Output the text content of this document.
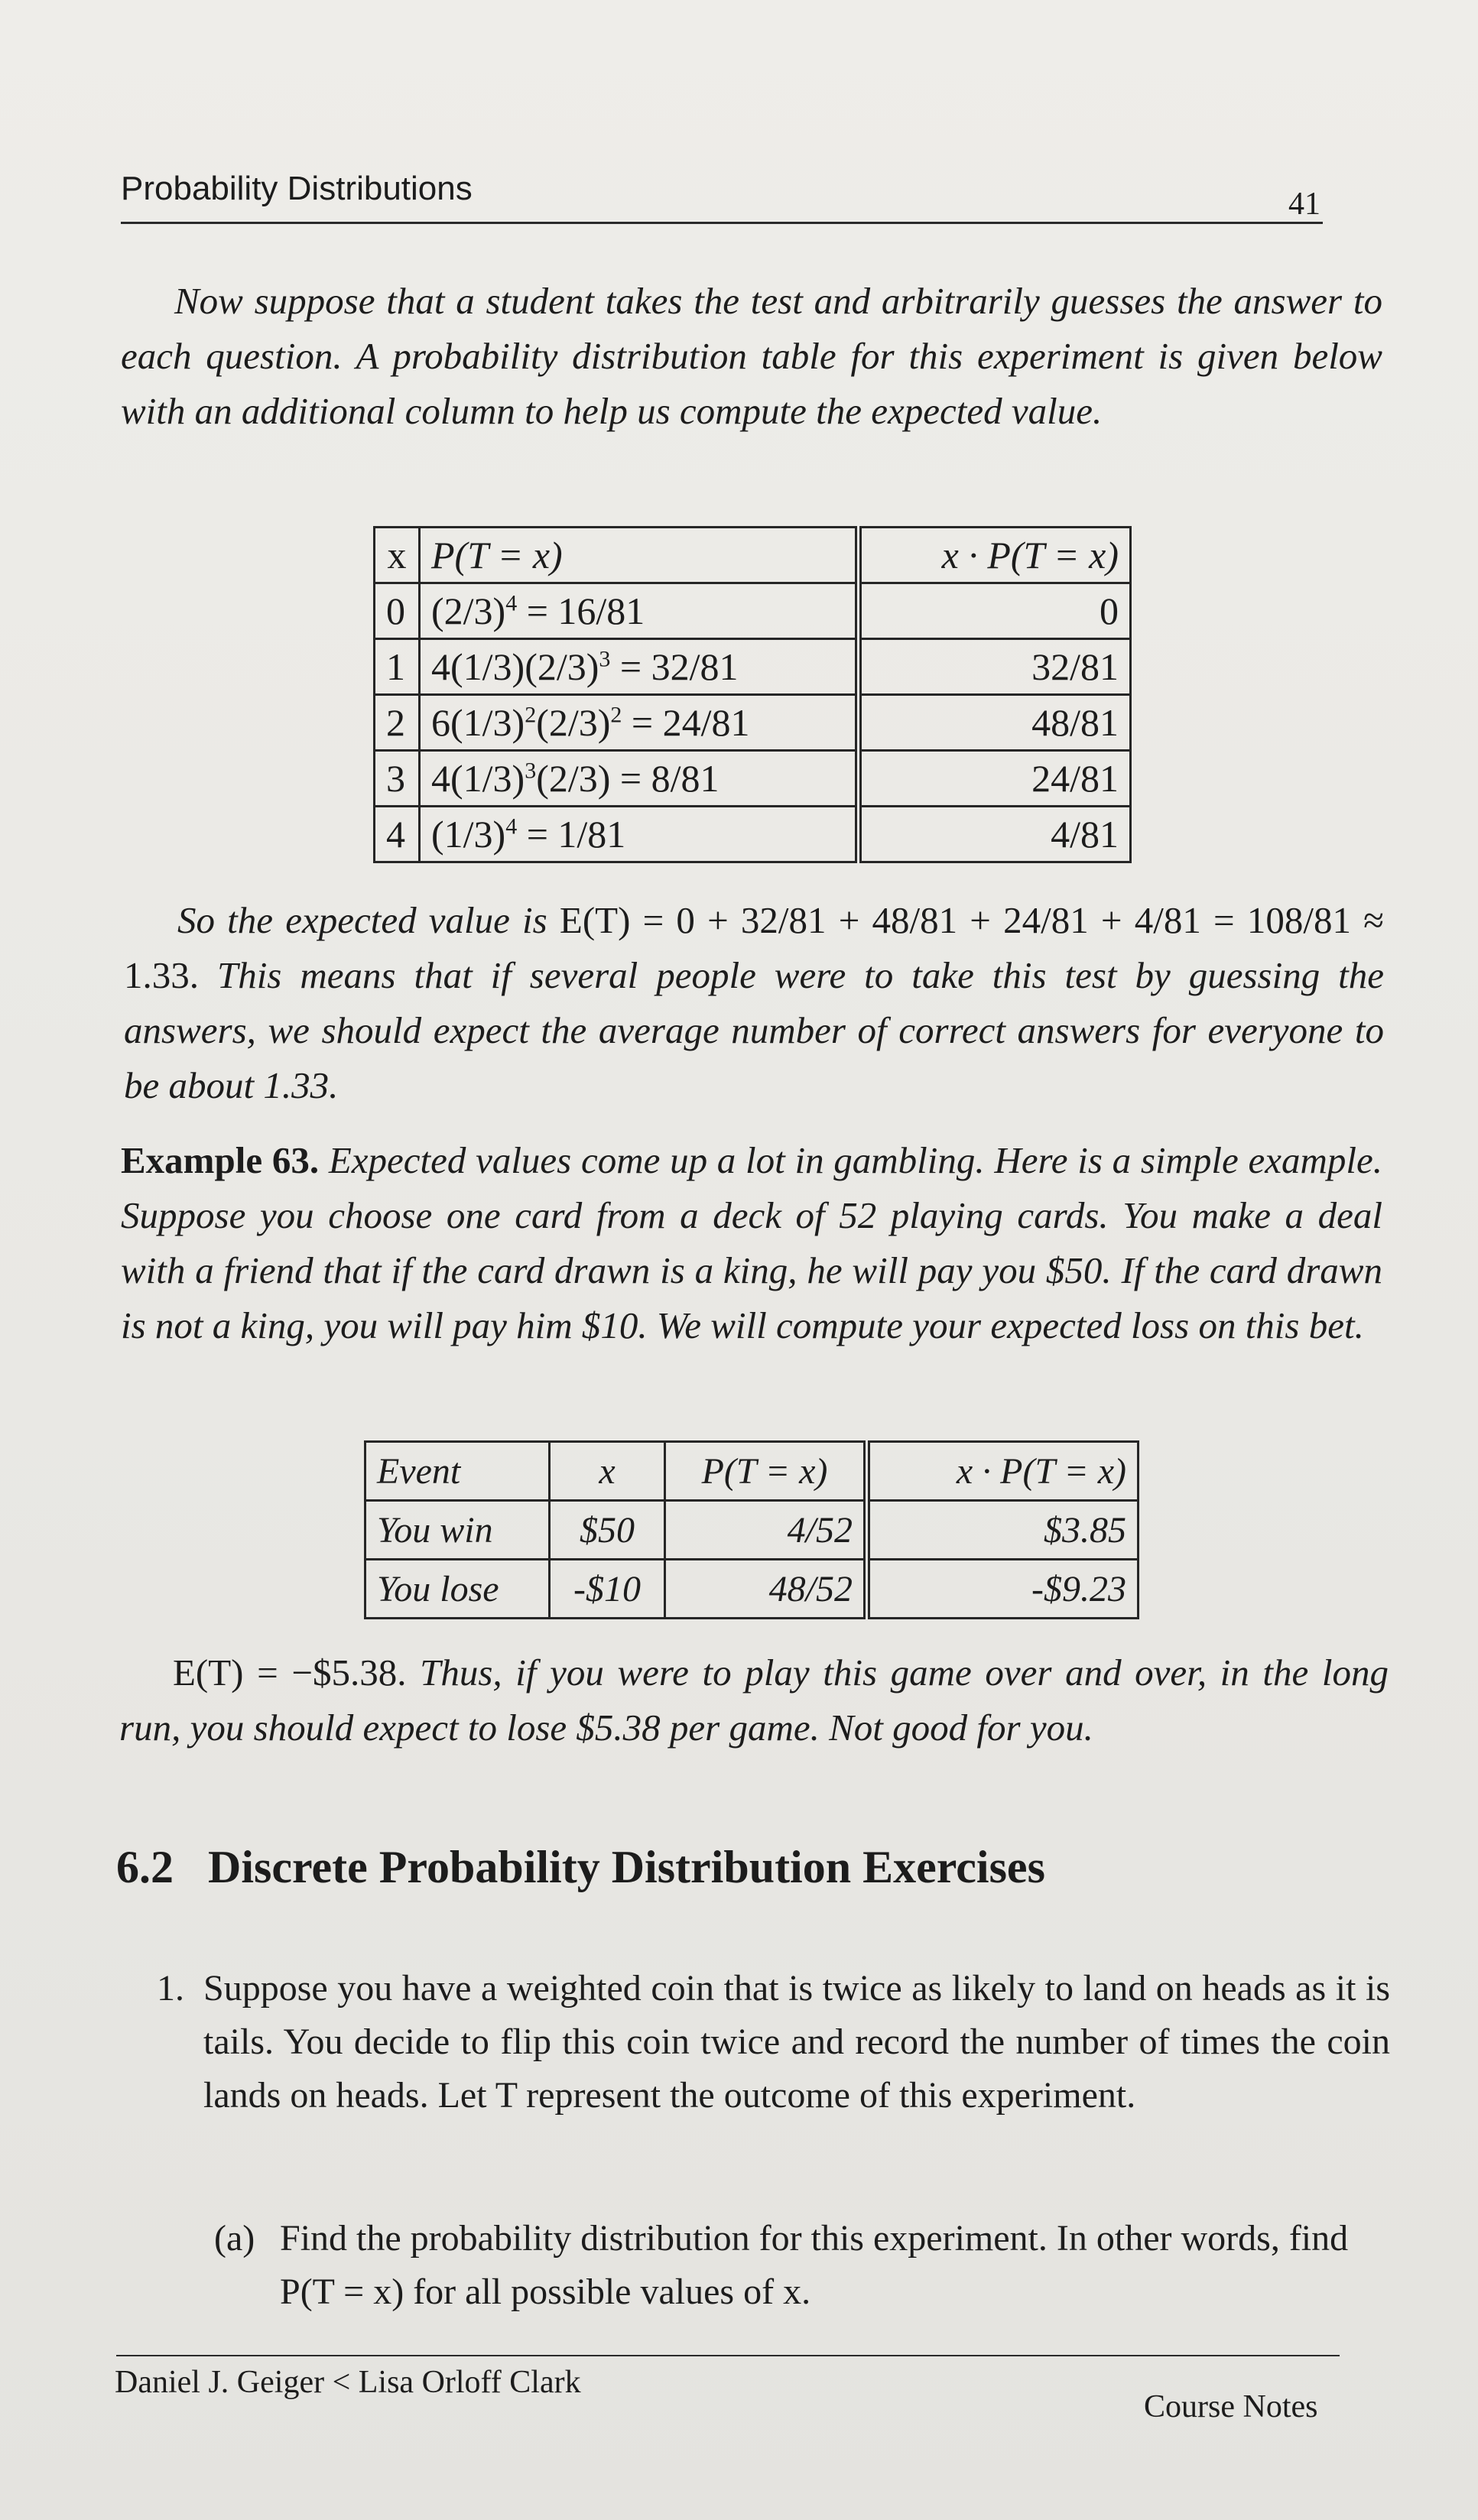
Probability Distributions	41
Now suppose that a student takes the test and arbitrarily guesses the answer to each question. A probability distribution table for this experiment is given below with an additional column to help us compute the expected value.
x	P(T = x)	x · P(T = x)
0	$(2/3)^4 = 16/81$	0
1	$4(1/3)(2/3)^3 = 32/81$	32/81
2	$6(1/3)^2(2/3)^2 = 24/81$	48/81
3	$4(1/3)^3(2/3) = 8/81$	24/81
4	$(1/3)^4 = 1/81$	4/81
So the expected value is E(T) = 0 + 32/81 + 48/81 + 24/81 + 4/81 = 108/81 ≈ 1.33. This means that if several people were to take this test by guessing the answers, we should expect the average number of correct answers for everyone to be about 1.33.
Example 63. Expected values come up a lot in gambling. Here is a simple example. Suppose you choose one card from a deck of 52 playing cards. You make a deal with a friend that if the card drawn is a king, he will pay you $50. If the card drawn is not a king, you will pay him $10. We will compute your expected loss on this bet.
Event	x	P(T = x)	x · P(T = x)
You win	$50	4/52	$3.85
You lose	-$10	48/52	-$9.23
E(T) = −$5.38. Thus, if you were to play this game over and over, in the long run, you should expect to lose $5.38 per game. Not good for you.
6.2 Discrete Probability Distribution Exercises
1. Suppose you have a weighted coin that is twice as likely to land on heads as it is tails. You decide to flip this coin twice and record the number of times the coin lands on heads. Let T represent the outcome of this experiment.
(a) Find the probability distribution for this experiment. In other words, find P(T = x) for all possible values of x.
Daniel J. Geiger < Lisa Orloff Clark
Course Notes
